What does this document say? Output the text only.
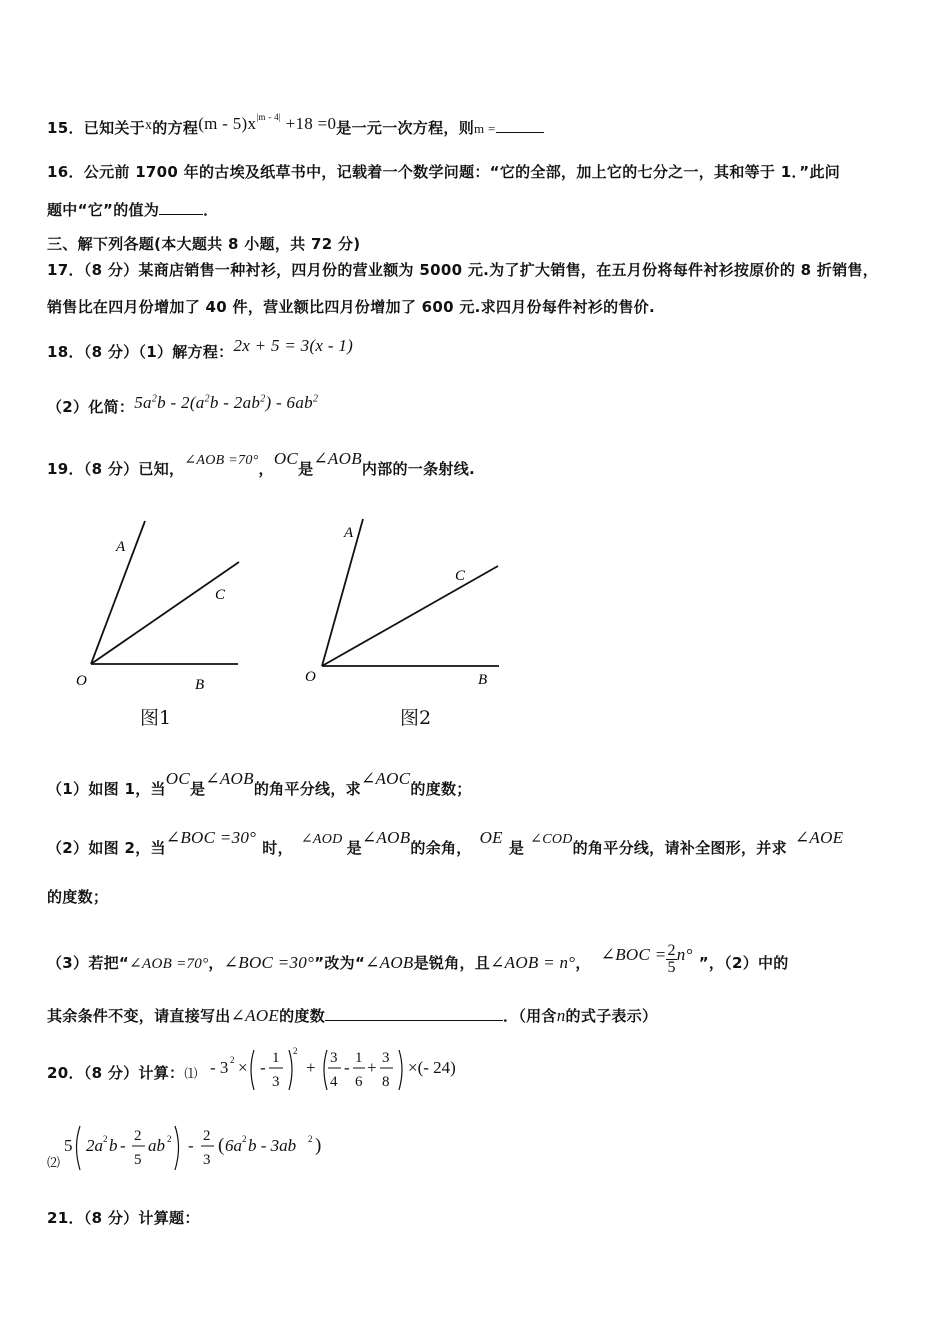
15．已知关于x的方程$(m - 5)x^{|m - 4|} +18 =0$是一元一次方程，则m =
16．公元前 1700 年的古埃及纸草书中，记载着一个数学问题：“它的全部，加上它的七分之一，其和等于 1．”此问
题中“它”的值为	．
三、解下列各题(本大题共 8 小题，共 72 分)
17．（8 分）某商店销售一种衬衫，四月份的营业额为 5000 元.为了扩大销售，在五月份将每件衬衫按原价的 8 折销售，
销售比在四月份增加了 40 件，营业额比四月份增加了 600 元.求四月份每件衬衫的售价.
18．（8 分）（1）解方程：2x + 5 = 3(x - 1)
（2）化简：$5a^2b - 2(a^2b - 2ab^2) - 6ab^2$
19．（8 分）已知，∠AOB =70°，OC是∠AOB内部的一条射线.
A
C
O	B
图1
A
C
O	B
图2
（1）如图 1，当OC是∠AOB的角平分线，求∠AOC的度数；
（2）如图 2，当∠BOC =30°时， ∠AOD 是∠AOB的余角，OE是 ∠COD的角平分线，请补全图形，并求∠AOE
的度数；
（3）若把“∠AOB =70°，∠BOC =30°”改为“∠AOB是锐角，且∠AOB = n°， ∠BOC = $\frac{2}{5} n^\circ$ ”，（2）中的
其余条件不变，请直接写出∠AOE的度数	．（用含n的式子表示）
20．（8 分）计算：⑴ - 3 2 × - 1
3
2
+ 3
4
- 1
6
+ 3
8
×(- 24)
⑵
5 2a 2 b - 2
5
ab 2 - 2
3
( 6a 2 b - 3ab 2 )
21．（8 分）计算题：
